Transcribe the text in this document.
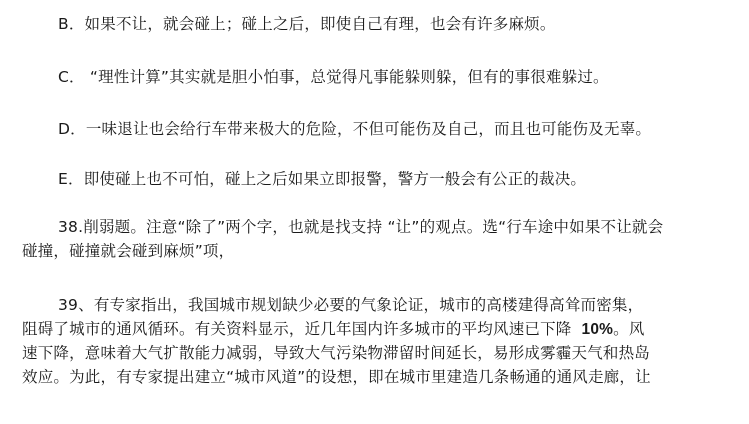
B．如果不让，就会碰上；碰上之后，即使自己有理，也会有许多麻烦。
C． “理性计算”其实就是胆小怕事，总觉得凡事能躲则躲，但有的事很难躲过。
D．一味退让也会给行车带来极大的危险，不但可能伤及自己，而且也可能伤及无辜。
E．即使碰上也不可怕，碰上之后如果立即报警，警方一般会有公正的裁决。
38.削弱题。注意“除了”两个字，也就是找支持 “让”的观点。选“行车途中如果不让就会
碰撞，碰撞就会碰到麻烦”项，
39、有专家指出，我国城市规划缺少必要的气象论证，城市的高楼建得高耸而密集，
阻碍了城市的通风循环。有关资料显示，近几年国内许多城市的平均风速已下降 10%。风
速下降，意味着大气扩散能力减弱，导致大气污染物滞留时间延长，易形成雾霾天气和热岛
效应。为此，有专家提出建立“城市风道”的设想，即在城市里建造几条畅通的通风走廊，让
